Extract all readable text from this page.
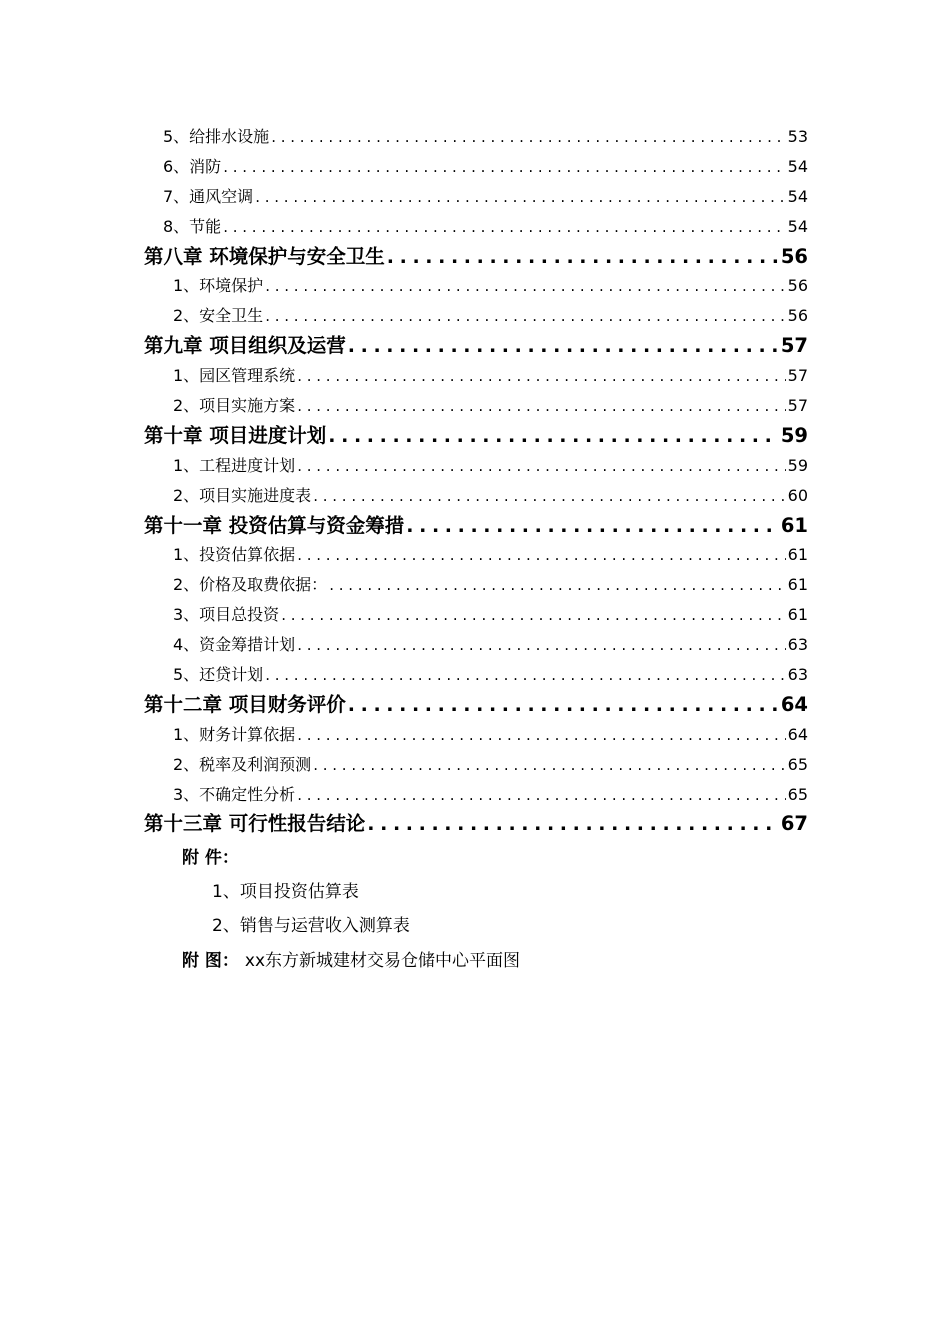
5、给排水设施 . . .	53
6、消防 . . .	54
7、通风空调 . . .	54
8、节能 . . .	54
第八章 环境保护与安全卫生 . . .	56
1、环境保护 . . .	56
2、安全卫生 . . .	56
第九章 项目组织及运营 . . .	57
1、园区管理系统 . . .	57
2、项目实施方案 . . .	57
第十章 项目进度计划 . . .	59
1、工程进度计划 . . .	59
2、项目实施进度表 . . .	60
第十一章 投资估算与资金筹措 . . .	61
1、投资估算依据 . . .	61
2、价格及取费依据： . . .	61
3、项目总投资 . . .	61
4、资金筹措计划 . . .	63
5、还贷计划 . . .	63
第十二章 项目财务评价 . . .	64
1、财务计算依据 . . .	64
2、税率及利润预测 . . .	65
3、不确定性分析 . . .	65
第十三章 可行性报告结论 . . .	67
附 件：
1、项目投资估算表
2、销售与运营收入测算表
附 图： xx东方新城建材交易仓储中心平面图
